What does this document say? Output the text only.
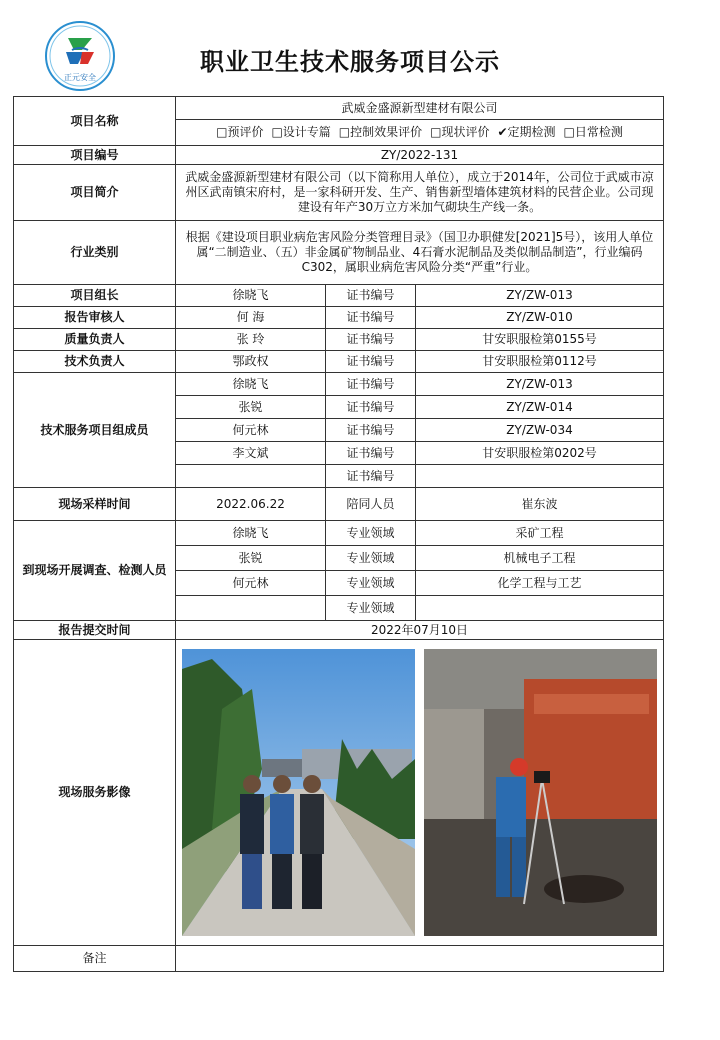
正元安全
职业卫生技术服务项目公示
项目名称	武威金盛源新型建材有限公司		
	□预评价 □设计专篇 □控制效果评价 □现状评价 ✔定期检测 □日常检测		
项目编号	ZY/2022-131		
项目简介	武威金盛源新型建材有限公司（以下简称用人单位），成立于2014年，公司位于武威市凉州区武南镇宋府村，是一家科研开发、生产、销售新型墙体建筑材料的民营企业。公司现建设有年产30万立方米加气砌块生产线一条。		
行业类别	根据《建设项目职业病危害风险分类管理目录》（国卫办职健发[2021]5号），该用人单位属“二制造业、（五）非金属矿物制品业、4石膏水泥制品及类似制品制造”，行业编码C302，属职业病危害风险分类“严重”行业。		
项目组长	徐晓飞	证书编号	ZY/ZW-013
报告审核人	何 海	证书编号	ZY/ZW-010
质量负责人	张 玲	证书编号	甘安职服检第0155号
技术负责人	鄂政权	证书编号	甘安职服检第0112号
技术服务项目组成员	徐晓飞	证书编号	ZY/ZW-013
	张锐	证书编号	ZY/ZW-014
	何元林	证书编号	ZY/ZW-034
	李文斌	证书编号	甘安职服检第0202号
		证书编号	
现场采样时间	2022.06.22	陪同人员	崔东波
到现场开展调查、检测人员	徐晓飞	专业领域	采矿工程
	张锐	专业领域	机械电子工程
	何元林	专业领域	化学工程与工艺
		专业领域	
报告提交时间	2022年07月10日		
现场服务影像	

备注			
